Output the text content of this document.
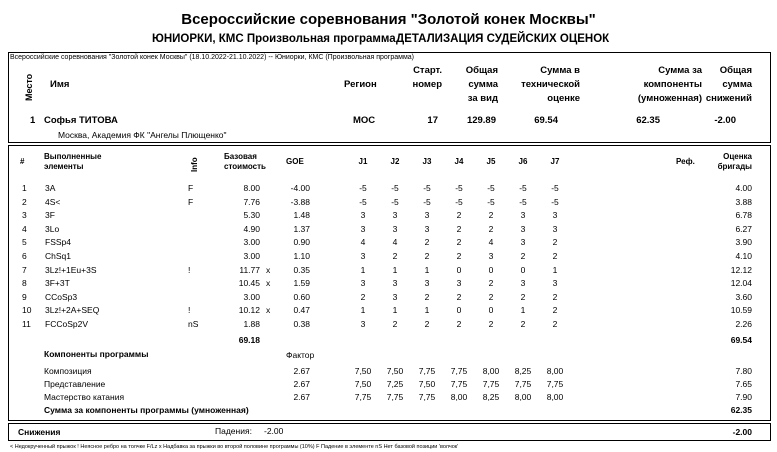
Всероссийские соревнования "Золотой конек Москвы"
ЮНИОРКИ, КМС Произвольная программа ДЕТАЛИЗАЦИЯ СУДЕЙСКИХ ОЦЕНОК
Всероссийские соревнования "Золотой конек Москвы" (18.10.2022-21.10.2022) -- Юниорки, КМС (Произвольная программа)
Место Имя	Регион
Старт.
номер
Общая
сумма
за вид
Сумма в
технической
оценке
Сумма за
компоненты
(умноженная)
Общая
сумма
снижений
1 Софья ТИТОВА
Москва, Академия ФК "Ангелы Плющенко"
МОС	17	129.89	69.54	62.35	-2.00
#
Выполненные
элементы	Info
Базовая
стоимость
GOE	J1	J2	J3	J4	J5	J6	J7	Реф.
Оценка
бригады
1 3A	F	8.00	-4.00	-5	-5	-5	-5	-5	-5	-5	4.00
2 4S<	F	7.76	-3.88	-5	-5	-5	-5	-5	-5	-5	3.88
3 3F	5.30	1.48	3	3	3	2	2	3	3	6.78
4 3Lo	4.90	1.37	3	3	3	2	2	3	3	6.27
5 FSSp4	3.00	0.90	4	4	2	2	4	3	2	3.90
6 ChSq1	3.00	1.10	3	2	2	2	3	2	2	4.10
7 3Lz!+1Eu+3S	!	11.77 x	0.35	1	1	1	0	0	0	1	12.12
8 3F+3T	10.45 x	1.59	3	3	3	3	2	3	3	12.04
9 CCoSp3	3.00	0.60	2	3	2	2	2	2	2	3.60
10 3Lz!+2A+SEQ	!	10.12 x	0.47	1	1	1	0	0	1	2	10.59
11 FCCoSp2V	nS	1.88	0.38	3	2	2	2	2	2	2	2.26
69.18	69.54
Компоненты программы	Фактор
Композиция	2.67	7,50	7,50	7,75	7,75	8,00	8,25	8,00	7.80
Представление	2.67	7,50	7,25	7,50	7,75	7,75	7,75	7,75	7.65
Мастерство катания	2.67	7,75	7,75	7,75	8,00	8,25	8,00	8,00	7.90
Сумма за компоненты программы (умноженная)	62.35
Снижения	Падения: -2.00	-2.00
< Недокрученный прыжок ! Неясное ребро на толчке F/Lz x Надбавка за прыжки во второй половине программы (10%) F Падение в элементе nS Нет базовой позиции 'волчок'
